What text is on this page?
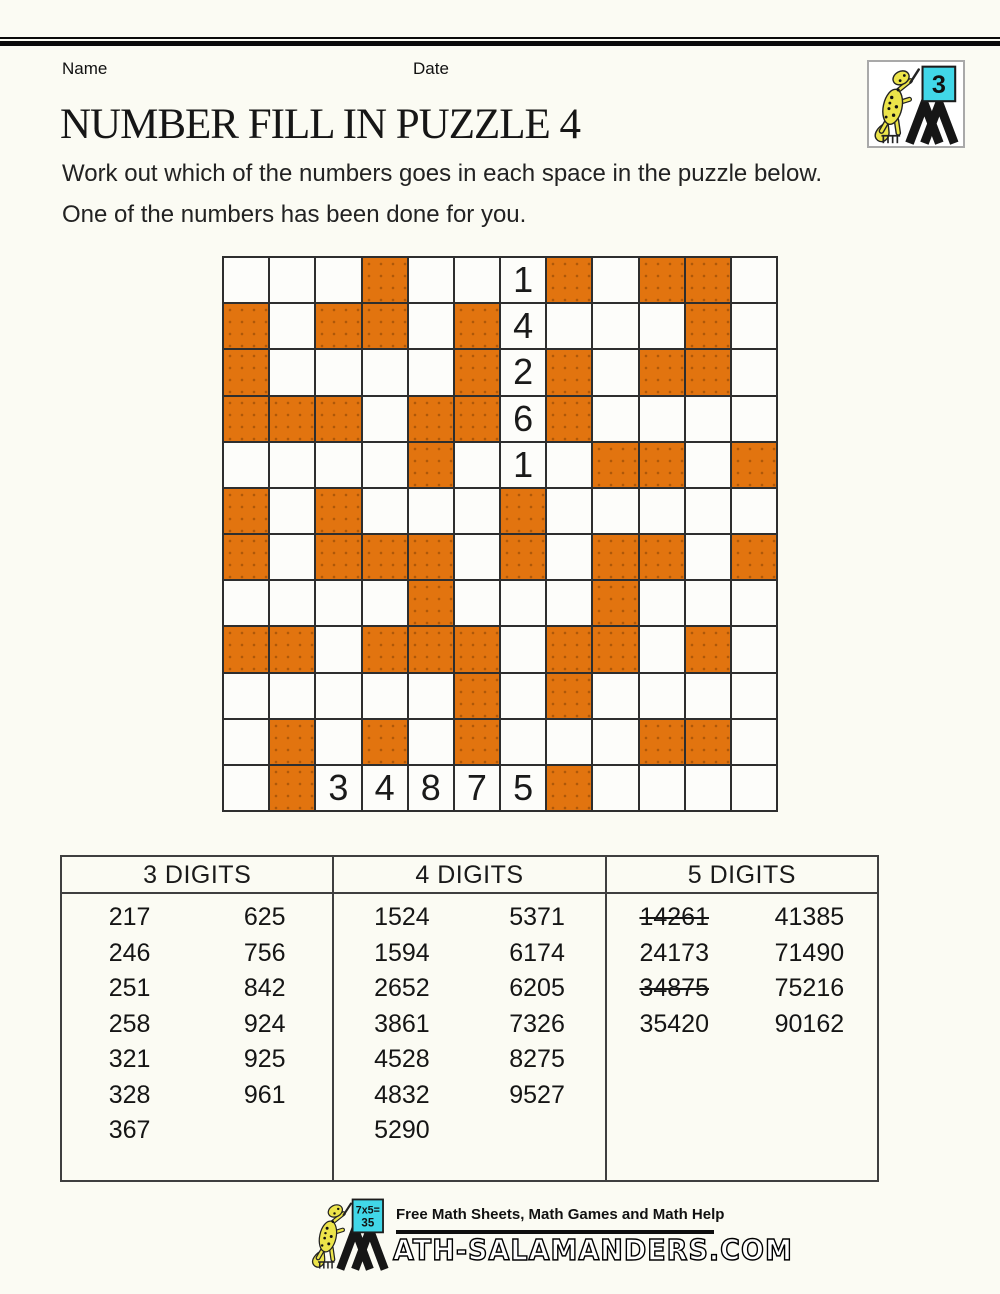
Name	Date
3
NUMBER FILL IN PUZZLE 4
Work out which of the numbers goes in each space in the puzzle below.
One of the numbers has been done for you.
1
4
2
6
1
3 4 8 7 5
3 DIGITS
217
246
251
258
321
328
367
625
756
842
924
925
961
4 DIGITS
1524
1594
2652
3861
4528
4832
5290
5371
6174
6205
7326
8275
9527
5 DIGITS
14261
24173
34875
35420
41385
71490
75216
90162
7x5=
35
Free Math Sheets, Math Games and Math Help
ATH-SALAMANDERS.COM
